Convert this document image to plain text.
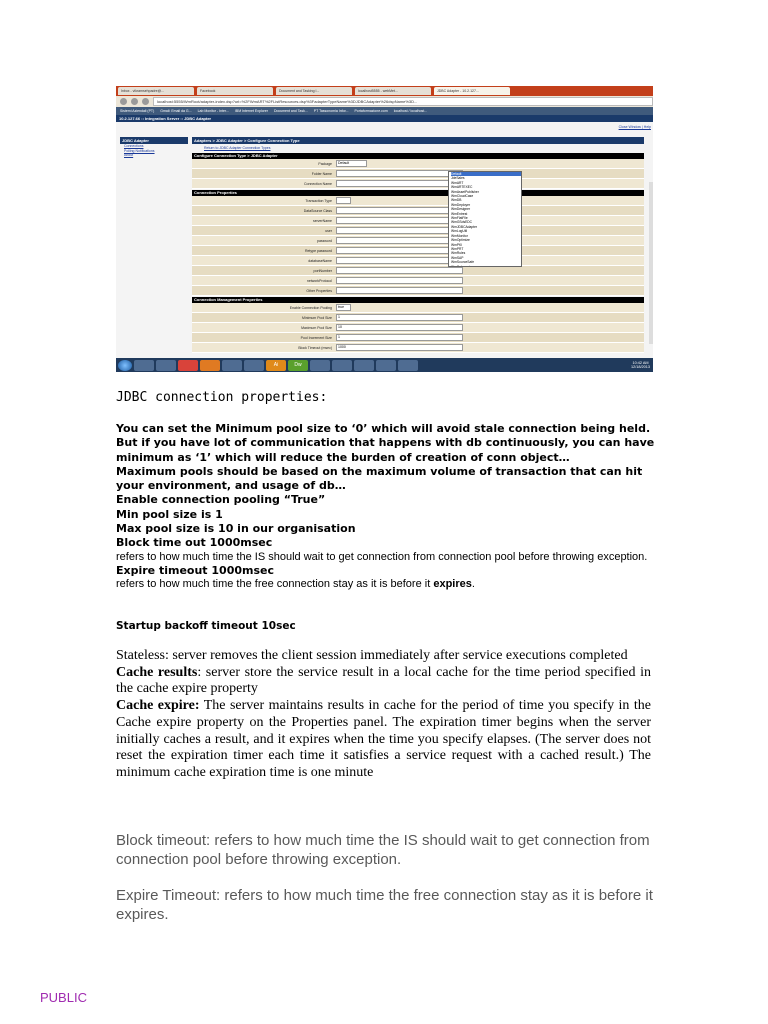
Inbox - vikramsehpadre@...	Facebook	Document and Tasking I...	localhost5555 - webMet...	JDBC Adapter - 10.2.127...
localhost:5555/WmRoot/adapter-index.dsp?url=%2FWmART%2FListResources.dsp%3FadapterTypeName%3DJDBCAdapter%26dspName%3D...
Sistemi Aziendali (PT) Gmail: Email da G... Lab Monitor - Inter... IBM Internet Explorer Document and Task... PT Tassonomia Infor... Portaformazione.com localhost / localhost...
10.2.127.66 :: Integration Server :: JDBC Adapter
Close Window | Help
JDBC Adapter
Connections
Polling Notifications
About
Adapters > JDBC Adapter > Configure Connection Type
Return to JDBC Adapter Connection Types
Configure Connection Type > JDBC Adapter
Package	Default
Folder Name
Connection Name
Connection Properties
Transaction Type
DataSource Class
serverName
user
password
Retype password
databaseName
portNumber
networkProtocol
Other Properties
Connection Management Properties
Enable Connection Pooling	true
Minimum Pool Size	1
Maximum Pool Size	10
Pool Increment Size	1
Block Timeout (msec)	1000
Default
JdeSales
WmART
WmARTEXEC
WmAssetPublisher
WmCloudCase
WmDB
WmDeployer
WmDesigner
WmEntrest
WmFlatFile
WmGSdsEDC
WmJDBCAdapter
WmLogUtil
WmMonitor
WmOptimize
WmPKI
WmPRT
WmRules
WmSAP
WmSourceSafe
WmSubversion
Ai	Dw	10:42 AM
12/18/2013
JDBC connection properties:

You can set the Minimum pool size to ‘0’ which will avoid stale connection being held. But if you have lot of communication that happens with db continuously, you can have minimum as ‘1’ which will reduce the burden of creation of conn object…

Maximum pools should be based on the maximum volume of transaction that can hit your environment, and usage of db…

Enable connection pooling “True”

Min pool size is 1

Max pool size is 10 in our organisation

Block time out 1000msec

refers to how much time the IS should wait to get connection from connection pool before throwing exception.

Expire timeout 1000msec

refers to how much time the free connection stay as it is before it expires.

Startup backoff timeout 10sec

Stateless: server removes the client session immediately after service executions completed

Cache results: server store the service result in a local cache for the time period specified in the cache expire property

Cache expire: The server maintains results in cache for the period of time you specify in the Cache expire property on the Properties panel. The expiration timer begins when the server initially caches a result, and it expires when the time you specify elapses. (The server does not reset the expiration timer each time it satisfies a service request with a cached result.) The minimum cache expiration time is one minute

Block timeout: refers to how much time the IS should wait to get connection from connection pool before throwing exception.
Expire Timeout: refers to how much time the free connection stay as it is before it expires.
PUBLIC
